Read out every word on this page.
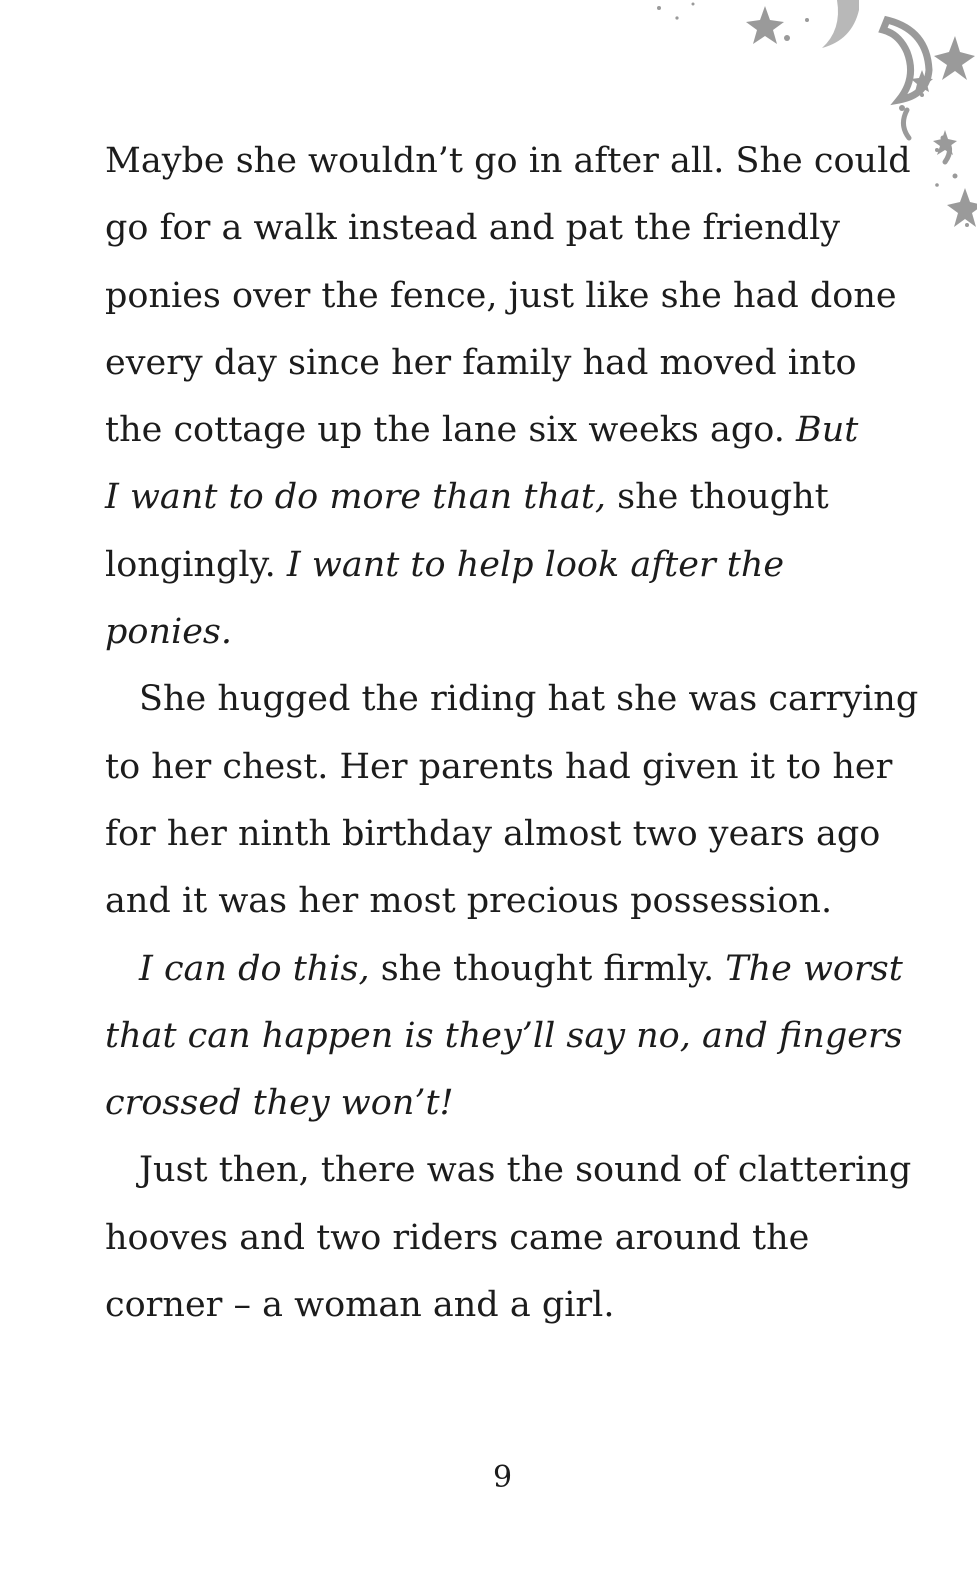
Maybe she wouldn’t go in after all. She could
go for a walk instead and pat the friendly
ponies over the fence, just like she had done
every day since her family had moved into
the cottage up the lane six weeks ago. But
I want to do more than that, she thought
longingly. I want to help look after the
ponies.
She hugged the riding hat she was carrying
to her chest. Her parents had given it to her
for her ninth birthday almost two years ago
and it was her most precious possession.
I can do this, she thought firmly. The worst
that can happen is they’ll say no, and fingers
crossed they won’t!
Just then, there was the sound of clattering
hooves and two riders came around the
corner – a woman and a girl.
9
